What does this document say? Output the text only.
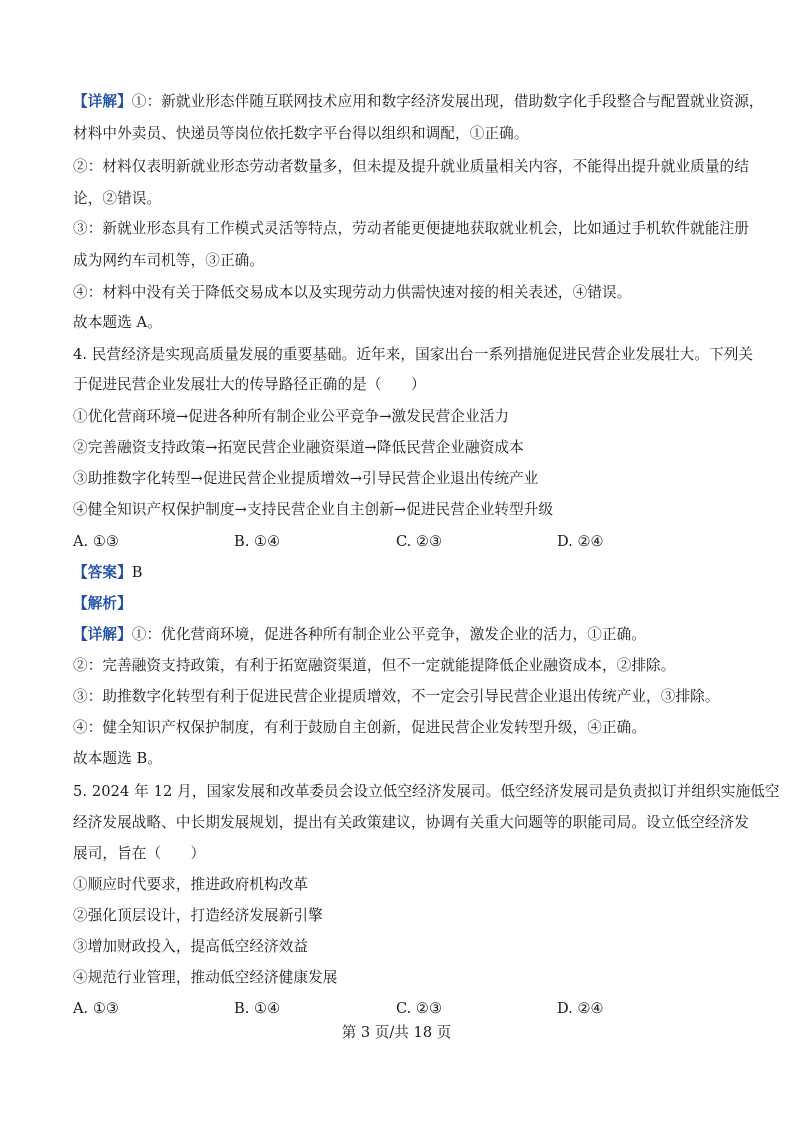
【详解】①：新就业形态伴随互联网技术应用和数字经济发展出现，借助数字化手段整合与配置就业资源，
材料中外卖员、快递员等岗位依托数字平台得以组织和调配，①正确。
②：材料仅表明新就业形态劳动者数量多，但未提及提升就业质量相关内容，不能得出提升就业质量的结
论，②错误。
③：新就业形态具有工作模式灵活等特点，劳动者能更便捷地获取就业机会，比如通过手机软件就能注册
成为网约车司机等，③正确。
④：材料中没有关于降低交易成本以及实现劳动力供需快速对接的相关表述，④错误。
故本题选 A。
4. 民营经济是实现高质量发展的重要基础。近年来，国家出台一系列措施促进民营企业发展壮大。下列关
于促进民营企业发展壮大的传导路径正确的是（　　）
①优化营商环境→促进各种所有制企业公平竞争→激发民营企业活力
②完善融资支持政策→拓宽民营企业融资渠道→降低民营企业融资成本
③助推数字化转型→促进民营企业提质增效→引导民营企业退出传统产业
④健全知识产权保护制度→支持民营企业自主创新→促进民营企业转型升级
A. ①③	B. ①④	C. ②③	D. ②④
【答案】B
【解析】
【详解】①：优化营商环境，促进各种所有制企业公平竞争，激发企业的活力，①正确。
②：完善融资支持政策，有利于拓宽融资渠道，但不一定就能提降低企业融资成本，②排除。
③：助推数字化转型有利于促进民营企业提质增效，不一定会引导民营企业退出传统产业，③排除。
④：健全知识产权保护制度，有利于鼓励自主创新，促进民营企业发转型升级，④正确。
故本题选 B。
5. 2024 年 12 月，国家发展和改革委员会设立低空经济发展司。低空经济发展司是负责拟订并组织实施低空
经济发展战略、中长期发展规划，提出有关政策建议，协调有关重大问题等的职能司局。设立低空经济发
展司，旨在（　　）
①顺应时代要求，推进政府机构改革
②强化顶层设计，打造经济发展新引擎
③增加财政投入，提高低空经济效益
④规范行业管理，推动低空经济健康发展
A. ①③	B. ①④	C. ②③	D. ②④
第 3 页/共 18 页
